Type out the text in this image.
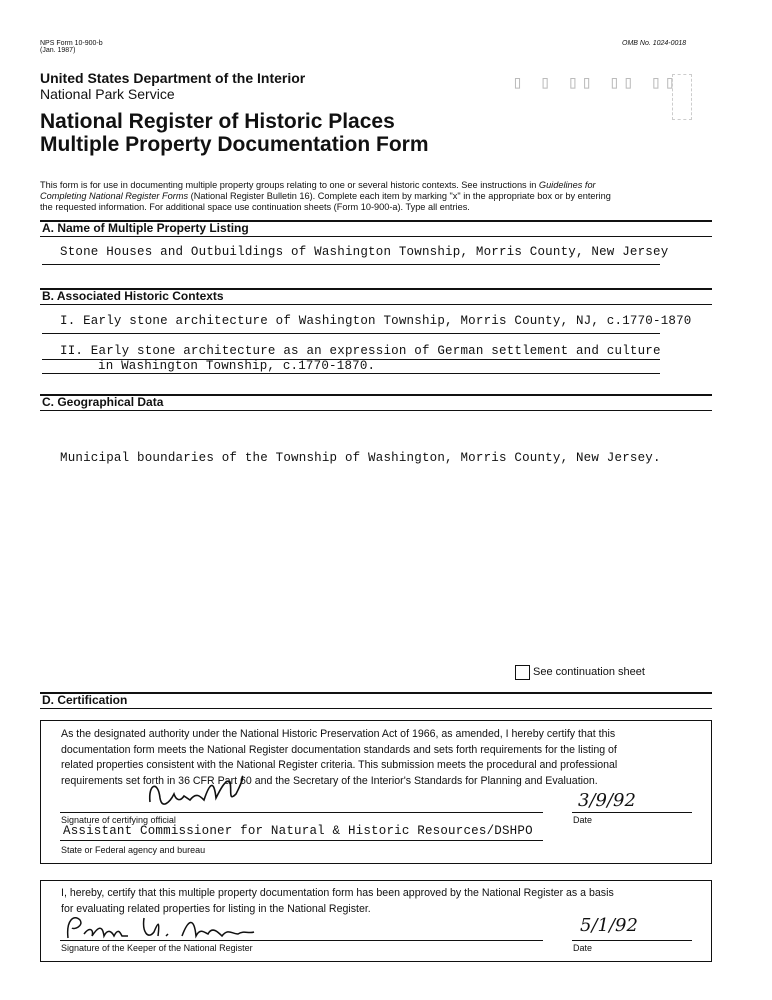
NPS Form 10-900-b
(Jan. 1987)
OMB No. 1024-0018
United States Department of the Interior
National Park Service
▯ ▯ ▯▯ ▯▯ ▯▯
National Register of Historic Places
Multiple Property Documentation Form
This form is for use in documenting multiple property groups relating to one or several historic contexts. See instructions in Guidelines for
Completing National Register Forms (National Register Bulletin 16). Complete each item by marking "x" in the appropriate box or by entering
the requested information. For additional space use continuation sheets (Form 10-900-a). Type all entries.
A. Name of Multiple Property Listing
Stone Houses and Outbuildings of Washington Township, Morris County, New Jersey
B. Associated Historic Contexts
I. Early stone architecture of Washington Township, Morris County, NJ, c.1770-1870
II. Early stone architecture as an expression of German settlement and culture
in Washington Township, c.1770-1870.
C. Geographical Data
Municipal boundaries of the Township of Washington, Morris County, New Jersey.
See continuation sheet
D. Certification
As the designated authority under the National Historic Preservation Act of 1966, as amended, I hereby certify that this
documentation form meets the National Register documentation standards and sets forth requirements for the listing of
related properties consistent with the National Register criteria. This submission meets the procedural and professional
requirements set forth in 36 CFR Part 60 and the Secretary of the Interior's Standards for Planning and Evaluation.
Signature of certifying official
3/9/92
Date
Assistant Commissioner for Natural & Historic Resources/DSHPO
State or Federal agency and bureau
I, hereby, certify that this multiple property documentation form has been approved by the National Register as a basis
for evaluating related properties for listing in the National Register.
Signature of the Keeper of the National Register
5/1/92
Date
